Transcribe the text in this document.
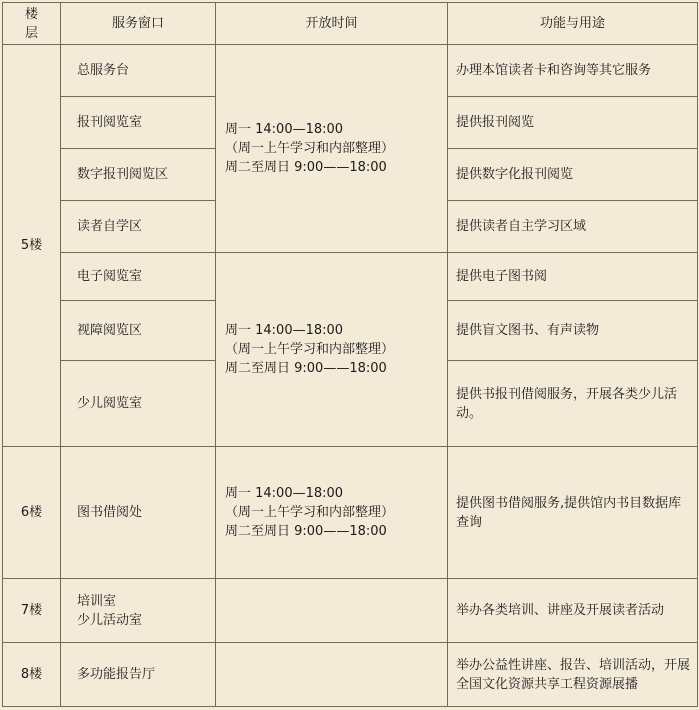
楼
层	服务窗口	开放时间	功能与用途
5楼	总服务台	周一 14:00—18:00
（周一上午学习和内部整理）
周二至周日 9:00——18:00	办理本馆读者卡和咨询等其它服务
	报刊阅览室		提供报刊阅览
	数字报刊阅览区		提供数字化报刊阅览
	读者自学区		提供读者自主学习区域
	电子阅览室	周一 14:00—18:00
（周一上午学习和内部整理）
周二至周日 9:00——18:00	提供电子图书阅
	视障阅览区		提供盲文图书、有声读物
	少儿阅览室		提供书报刊借阅服务，开展各类少儿活动。
6楼	图书借阅处	周一 14:00—18:00
（周一上午学习和内部整理）
周二至周日 9:00——18:00	提供图书借阅服务,提供馆内书目数据库查询
7楼	培训室
少儿活动室		举办各类培训、讲座及开展读者活动
8楼	多功能报告厅		举办公益性讲座、报告、培训活动，开展全国文化资源共享工程资源展播
